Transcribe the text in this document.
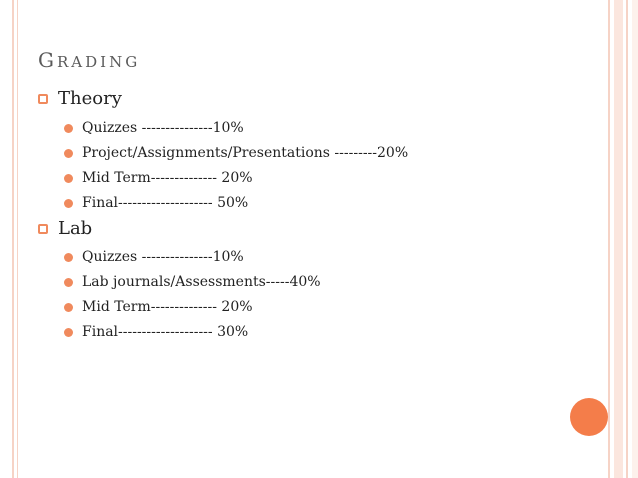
GRADING
Theory
Quizzes ---------------10%
Project/Assignments/Presentations ---------20%
Mid Term-------------- 20%
Final-------------------- 50%
Lab
Quizzes ---------------10%
Lab journals/Assessments-----40%
Mid Term-------------- 20%
Final-------------------- 30%
